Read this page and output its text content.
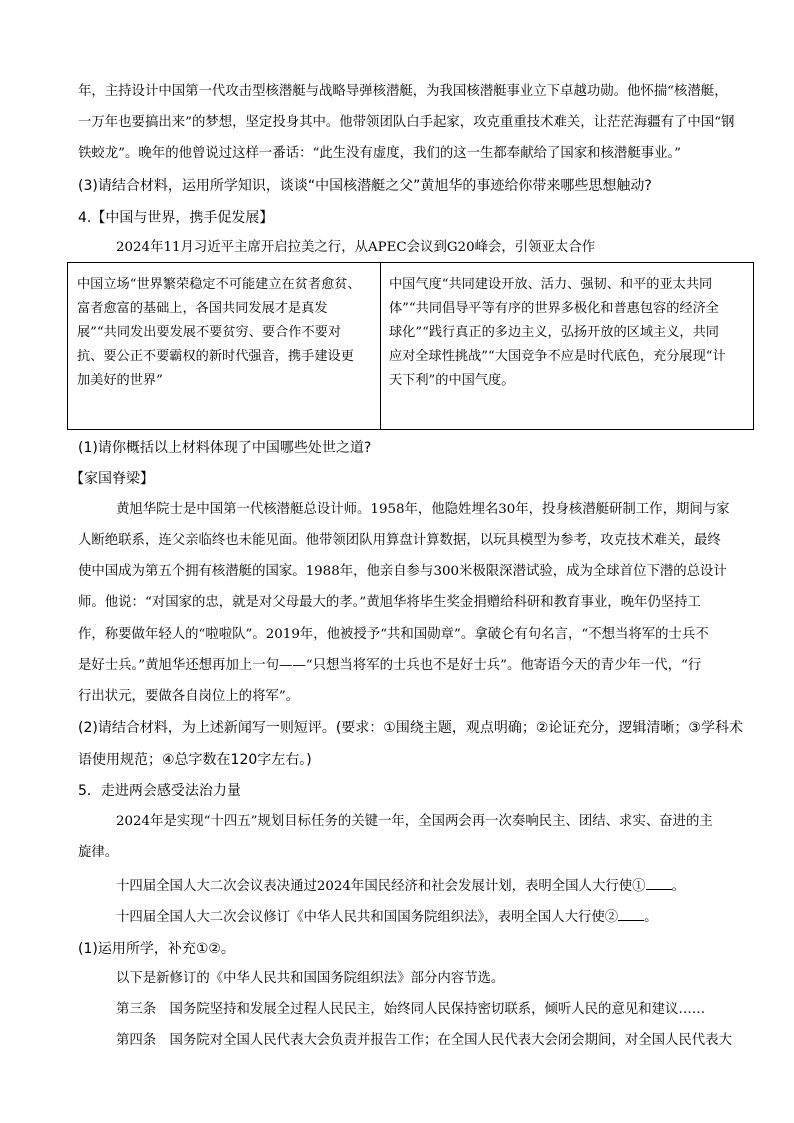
年，主持设计中国第一代攻击型核潜艇与战略导弹核潜艇，为我国核潜艇事业立下卓越功勋。他怀揣“核潜艇，

一万年也要搞出来”的梦想，坚定投身其中。他带领团队白手起家，攻克重重技术难关，让茫茫海疆有了中国“钢

铁蛟龙”。晚年的他曾说过这样一番话：“此生没有虚度，我们的这一生都奉献给了国家和核潜艇事业。”

(3)请结合材料，运用所学知识，谈谈“中国核潜艇之父”黄旭华的事迹给你带来哪些思想触动?

4.【中国与世界，携手促发展】

2024年11月习近平主席开启拉美之行，从APEC会议到G20峰会，引领亚太合作

中国立场“世界繁荣稳定不可能建立在贫者愈贫、
富者愈富的基础上，各国共同发展才是真发
展”“共同发出要发展不要贫穷、要合作不要对
抗、要公正不要霸权的新时代强音，携手建设更
加美好的世界”
中国气度“共同建设开放、活力、强韧、和平的亚太共同
体”“共同倡导平等有序的世界多极化和普惠包容的经济全
球化”“践行真正的多边主义，弘扬开放的区域主义，共同
应对全球性挑战”“大国竞争不应是时代底色，充分展现“计
天下利”的中国气度。

(1)请你概括以上材料体现了中国哪些处世之道?

【家国脊梁】

黄旭华院士是中国第一代核潜艇总设计师。1958年，他隐姓埋名30年，投身核潜艇研制工作，期间与家

人断绝联系，连父亲临终也未能见面。他带领团队用算盘计算数据，以玩具模型为参考，攻克技术难关，最终

使中国成为第五个拥有核潜艇的国家。1988年，他亲自参与300米极限深潜试验，成为全球首位下潜的总设计

师。他说：“对国家的忠，就是对父母最大的孝。”黄旭华将毕生奖金捐赠给科研和教育事业，晚年仍坚持工

作，称要做年轻人的“啦啦队”。2019年，他被授予“共和国勋章”。拿破仑有句名言，“不想当将军的士兵不

是好士兵。”黄旭华还想再加上一句——“只想当将军的士兵也不是好士兵”。他寄语今天的青少年一代，“行

行出状元，要做各自岗位上的将军”。

(2)请结合材料，为上述新闻写一则短评。(要求：①围绕主题，观点明确；②论证充分，逻辑清晰；③学科术

语使用规范；④总字数在120字左右。)

5．走进两会感受法治力量

2024年是实现“十四五”规划目标任务的关键一年，全国两会再一次奏响民主、团结、求实、奋进的主

旋律。

十四届全国人大二次会议表决通过2024年国民经济和社会发展计划，表明全国人大行使① 。

十四届全国人大二次会议修订《中华人民共和国国务院组织法》，表明全国人大行使② 。

(1)运用所学，补充①②。

以下是新修订的《中华人民共和国国务院组织法》部分内容节选。

第三条　国务院坚持和发展全过程人民民主，始终同人民保持密切联系，倾听人民的意见和建议……

第四条　国务院对全国人民代表大会负责并报告工作；在全国人民代表大会闭会期间，对全国人民代表大
